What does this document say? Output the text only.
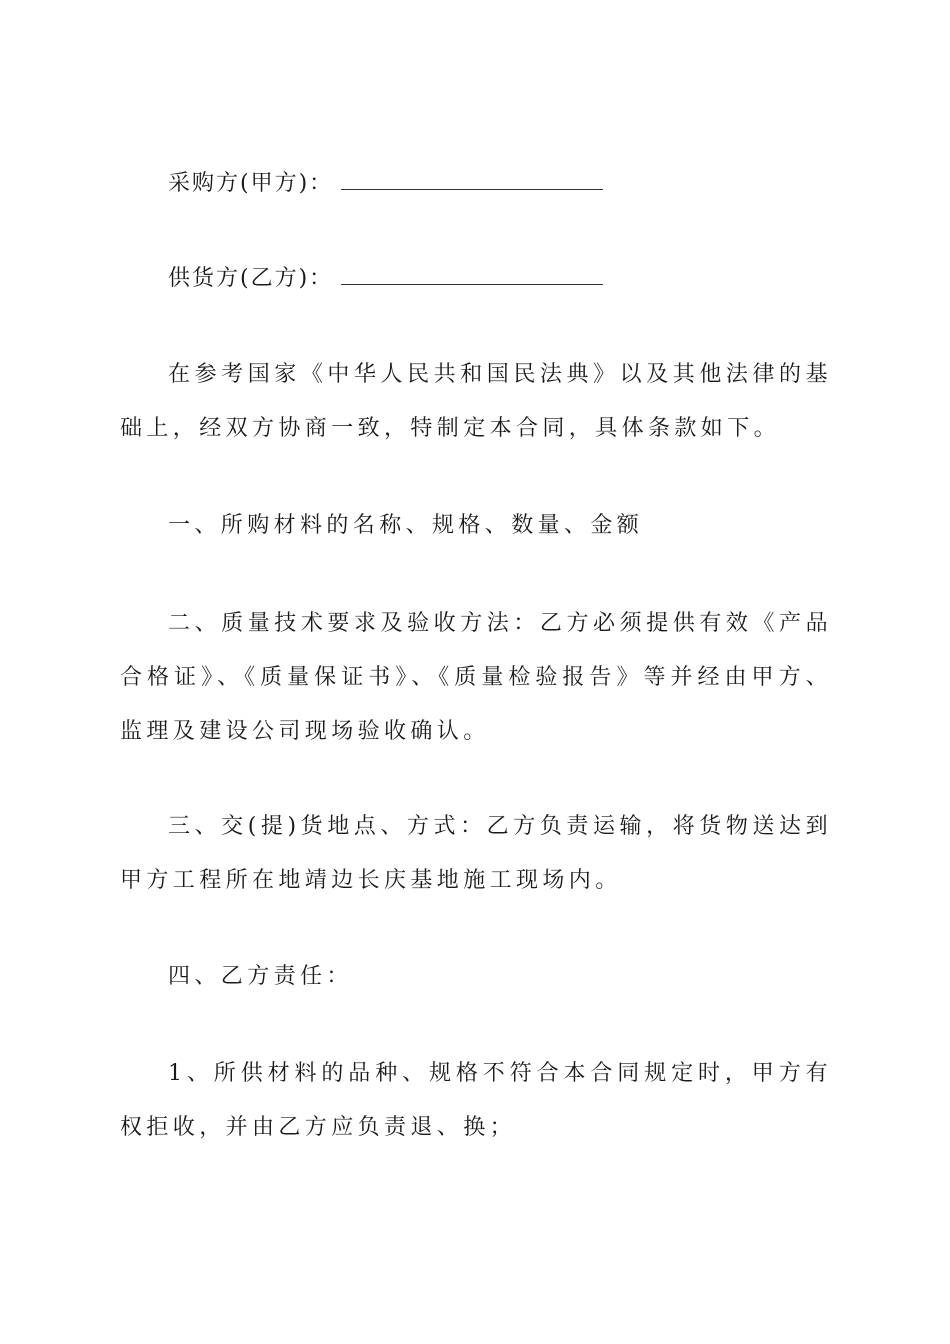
采购方(甲方)：
供货方(乙方)：

在参考国家《中华人民共和国民法典》以及其他法律的基础上，经双方协商一致，特制定本合同，具体条款如下。

一、所购材料的名称、规格、数量、金额

二、质量技术要求及验收方法：乙方必须提供有效《产品合格证》、《质量保证书》、《质量检验报告》等并经由甲方、监理及建设公司现场验收确认。

三、交(提)货地点、方式：乙方负责运输，将货物送达到甲方工程所在地靖边长庆基地施工现场内。

四、乙方责任：

1、所供材料的品种、规格不符合本合同规定时，甲方有权拒收，并由乙方应负责退、换；
